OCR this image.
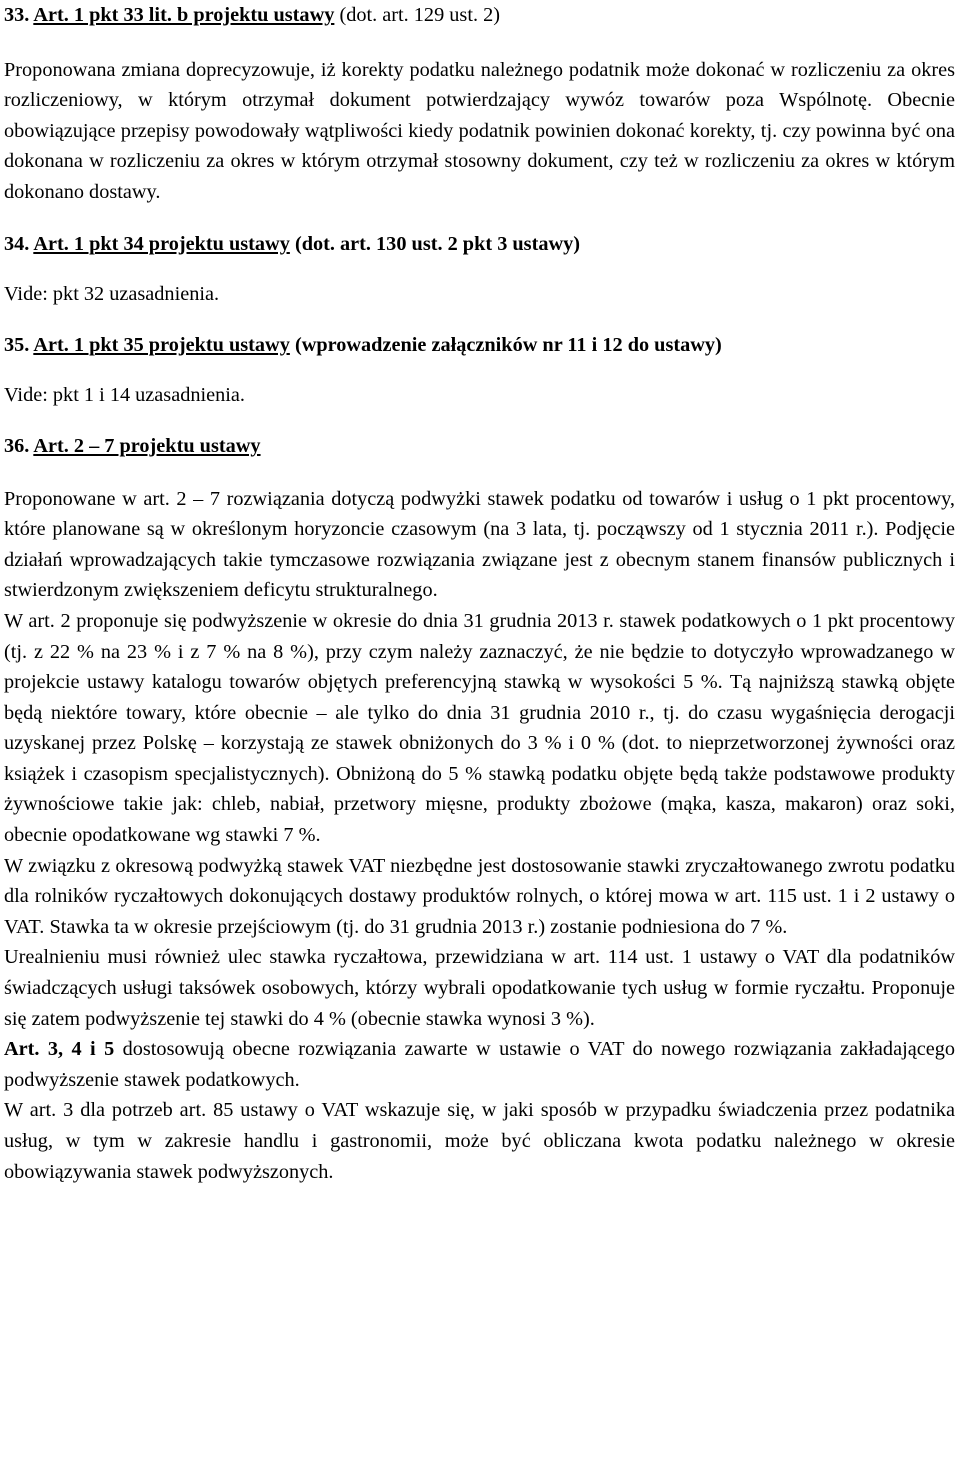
33. Art. 1 pkt 33 lit. b projektu ustawy (dot. art. 129 ust. 2)

Proponowana zmiana doprecyzowuje, iż korekty podatku należnego podatnik może dokonać w rozliczeniu za okres rozliczeniowy, w którym otrzymał dokument potwierdzający wywóz towarów poza Wspólnotę. Obecnie obowiązujące przepisy powodowały wątpliwości kiedy podatnik powinien dokonać korekty, tj. czy powinna być ona dokonana w rozliczeniu za okres w którym otrzymał stosowny dokument, czy też w rozliczeniu za okres w którym dokonano dostawy.

34. Art. 1 pkt 34 projektu ustawy (dot. art. 130 ust. 2 pkt 3 ustawy)

Vide: pkt 32 uzasadnienia.

35. Art. 1 pkt 35 projektu ustawy (wprowadzenie załączników nr 11 i 12 do ustawy)

Vide: pkt 1 i 14 uzasadnienia.

36. Art. 2 – 7 projektu ustawy

Proponowane w art. 2 – 7 rozwiązania dotyczą podwyżki stawek podatku od towarów i usług o 1 pkt procentowy, które planowane są w określonym horyzoncie czasowym (na 3 lata, tj. począwszy od 1 stycznia 2011 r.). Podjęcie działań wprowadzających takie tymczasowe rozwiązania związane jest z obecnym stanem finansów publicznych i stwierdzonym zwiększeniem deficytu strukturalnego.

W art. 2 proponuje się podwyższenie w okresie do dnia 31 grudnia 2013 r. stawek podatkowych o 1 pkt procentowy (tj. z 22 % na 23 % i z 7 % na 8 %), przy czym należy zaznaczyć, że nie będzie to dotyczyło wprowadzanego w projekcie ustawy katalogu towarów objętych preferencyjną stawką w wysokości 5 %. Tą najniższą stawką objęte będą niektóre towary, które obecnie – ale tylko do dnia 31 grudnia 2010 r., tj. do czasu wygaśnięcia derogacji uzyskanej przez Polskę – korzystają ze stawek obniżonych do 3 % i 0 % (dot. to nieprzetworzonej żywności oraz książek i czasopism specjalistycznych). Obniżoną do 5 % stawką podatku objęte będą także podstawowe produkty żywnościowe takie jak: chleb, nabiał, przetwory mięsne, produkty zbożowe (mąka, kasza, makaron) oraz soki, obecnie opodatkowane wg stawki 7 %.

W związku z okresową podwyżką stawek VAT niezbędne jest dostosowanie stawki zryczałtowanego zwrotu podatku dla rolników ryczałtowych dokonujących dostawy produktów rolnych, o której mowa w art. 115 ust. 1 i 2 ustawy o VAT. Stawka ta w okresie przejściowym (tj. do 31 grudnia 2013 r.) zostanie podniesiona do 7 %.

Urealnieniu musi również ulec stawka ryczałtowa, przewidziana w art. 114 ust. 1 ustawy o VAT dla podatników świadczących usługi taksówek osobowych, którzy wybrali opodatkowanie tych usług w formie ryczałtu. Proponuje się zatem podwyższenie tej stawki do 4 % (obecnie stawka wynosi 3 %).

Art. 3, 4 i 5 dostosowują obecne rozwiązania zawarte w ustawie o VAT do nowego rozwiązania zakładającego podwyższenie stawek podatkowych.

W art. 3 dla potrzeb art. 85 ustawy o VAT wskazuje się, w jaki sposób w przypadku świadczenia przez podatnika usług, w tym w zakresie handlu i gastronomii, może być obliczana kwota podatku należnego w okresie obowiązywania stawek podwyższonych.
